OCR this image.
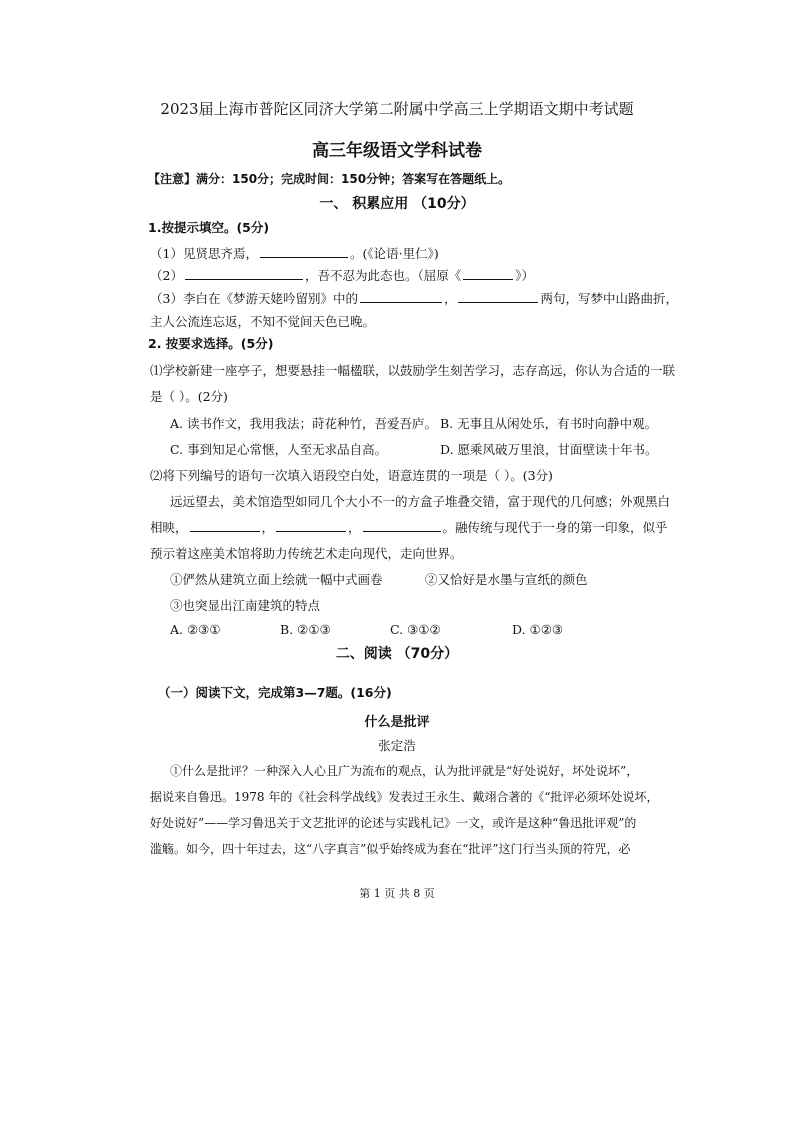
2023届上海市普陀区同济大学第二附属中学高三上学期语文期中考试题
高三年级语文学科试卷
【注意】满分：150分；完成时间：150分钟；答案写在答题纸上。
一、 积累应用 （10分）
1.按提示填空。(5分)
（1）见贤思齐焉，	。(《论语·里仁》)
（2）	，吾不忍为此态也。（屈原《	》）
（3）李白在《梦游天姥吟留别》中的	，	两句，写梦中山路曲折，
主人公流连忘返，不知不觉间天色已晚。
2. 按要求选择。(5分)
⑴学校新建一座亭子，想要悬挂一幅楹联，以鼓励学生刻苦学习，志存高远，你认为合适的一联
是（ ）。(2分)
A. 读书作文，我用我法；莳花种竹，吾爱吾庐。 B. 无事且从闲处乐，有书时向静中观。
C. 事到知足心常惬，人至无求品自高。	D. 愿乘风破万里浪，甘面壁读十年书。
⑵将下列编号的语句一次填入语段空白处，语意连贯的一项是（ ）。(3分)
远远望去，美术馆造型如同几个大小不一的方盒子堆叠交错，富于现代的几何感；外观黑白
相映，	，	，	。融传统与现代于一身的第一印象，似乎
预示着这座美术馆将助力传统艺术走向现代，走向世界。
①俨然从建筑立面上绘就一幅中式画卷	②又恰好是水墨与宣纸的颜色
③也突显出江南建筑的特点
A. ②③①	B. ②①③	C. ③①②	D. ①②③
二、阅读 （70分）
（一）阅读下文，完成第3—7题。(16分)
什么是批评
张定浩
①什么是批评？一种深入人心且广为流布的观点，认为批评就是“好处说好，坏处说坏”，
据说来自鲁迅。1978 年的《社会科学战线》发表过王永生、戴翊合著的《“批评必须坏处说坏，
好处说好”——学习鲁迅关于文艺批评的论述与实践札记》一文，或许是这种“鲁迅批评观”的
滥觞。如今，四十年过去，这“八字真言”似乎始终成为套在“批评”这门行当头顶的符咒，必
第 1 页 共 8 页
